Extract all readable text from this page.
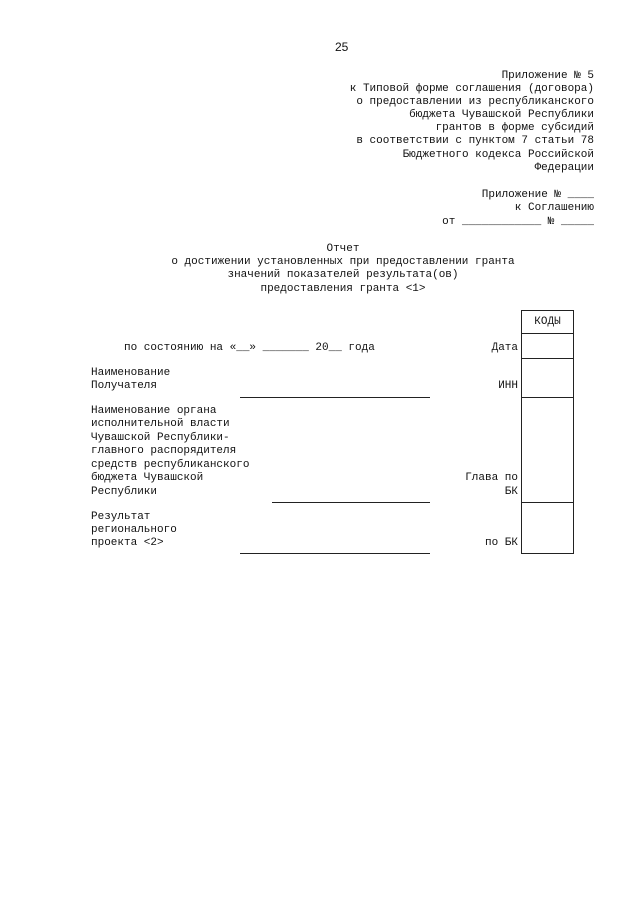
25
Приложение № 5
к Типовой форме соглашения (договора)
о предоставлении из республиканского
бюджета Чувашской Республики
грантов в форме субсидий
в соответствии с пунктом 7 статьи 78
Бюджетного кодекса Российской
Федерации
Приложение № ____
к Соглашению
от ____________ № _____
Отчет
о достижении установленных при предоставлении гранта
значений показателей результата(ов)
предоставления гранта <1>
КОДЫ
по состоянию на «__» _______ 20__ года	Дата
Наименование
Получателя	ИНН
Наименование органа
исполнительной власти
Чувашской Республики-
главного распорядителя
средств республиканского
бюджета Чувашской
Республики
Глава по
БК
Результат
регионального
проекта <2>	по БК
